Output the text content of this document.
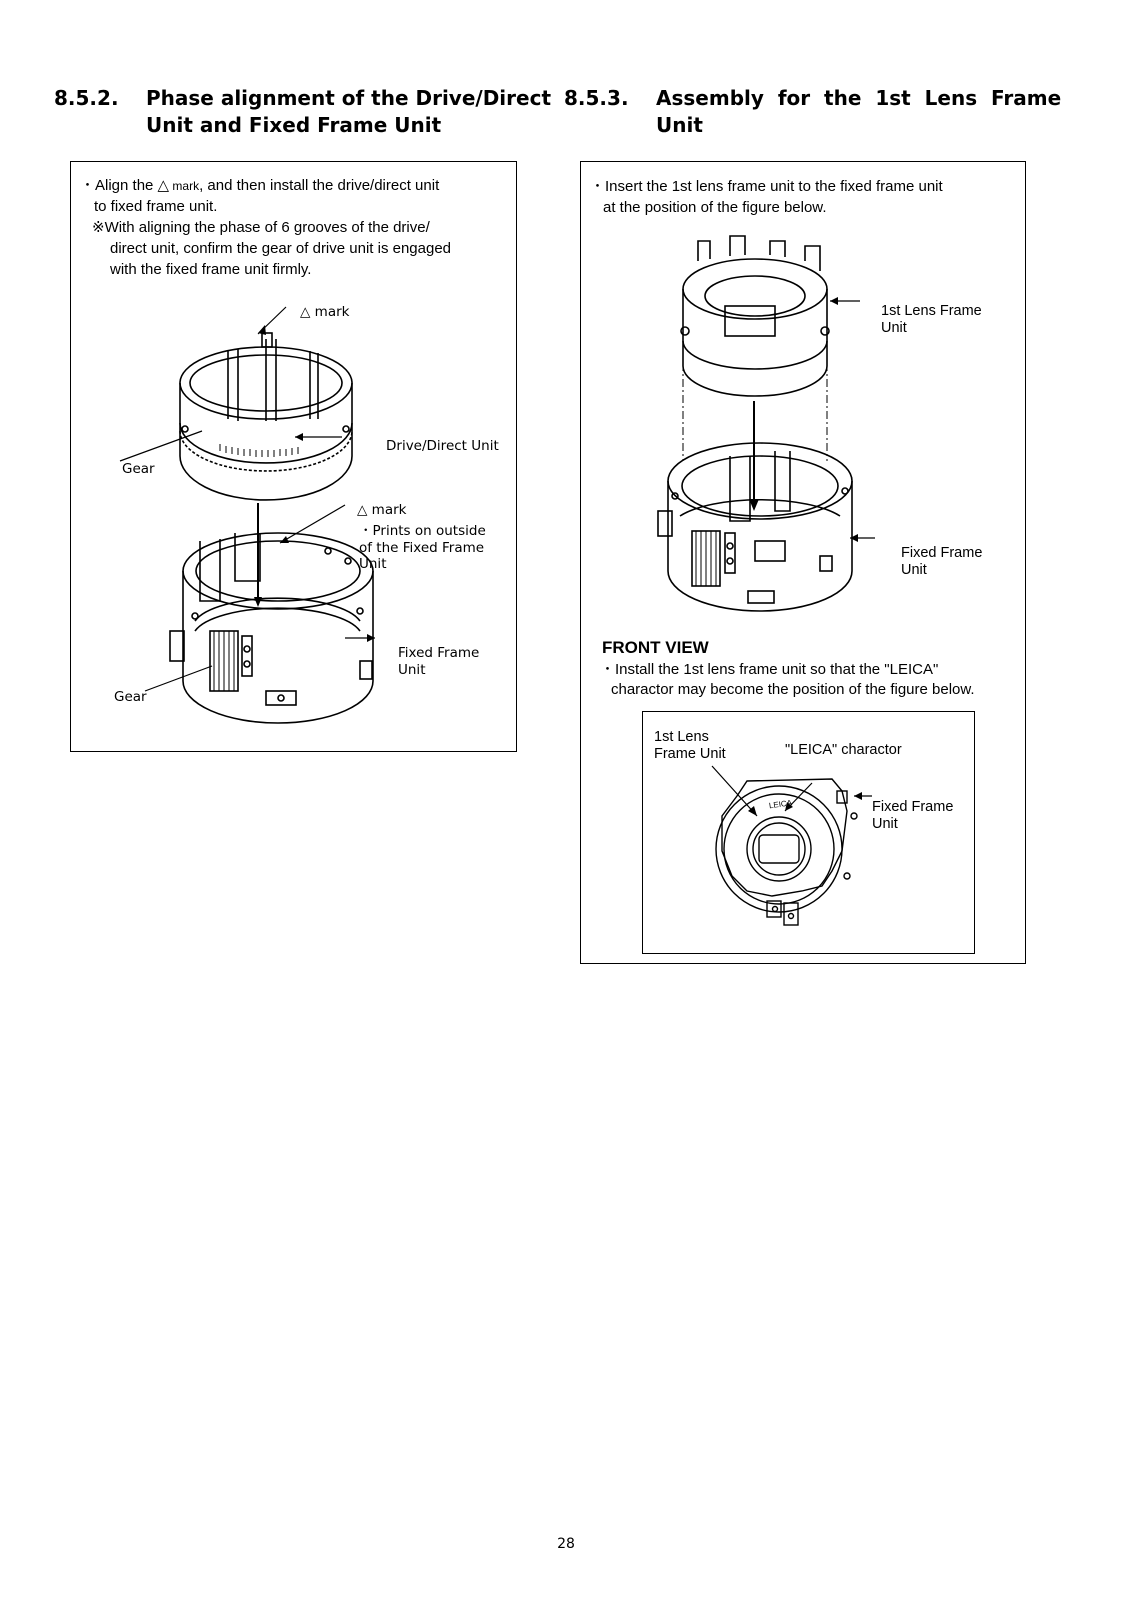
8.5.2. Phase alignment of the Drive/Direct
Unit and Fixed Frame Unit
8.5.3. Assembly  for  the  1st  Lens  Frame
Unit
・Align the △ mark, and then install the drive/direct unit
to fixed frame unit.
※With aligning the phase of 6 grooves of the drive/
direct unit, confirm the gear of drive unit is engaged
with the fixed frame unit firmly.
△ mark
Drive/Direct Unit
Gear
△ mark
・Prints on outside
of the Fixed Frame
Unit
Fixed Frame
Unit
Gear
・Insert the 1st lens frame unit to the fixed frame unit
at the position of the figure below.
1st Lens Frame
Unit
Fixed Frame
Unit
FRONT VIEW
・Install the 1st lens frame unit so that the "LEICA"
charactor may become the position of the figure below.
1st Lens
Frame Unit	"LEICA" charactor
Fixed Frame
Unit
LEICA
28
